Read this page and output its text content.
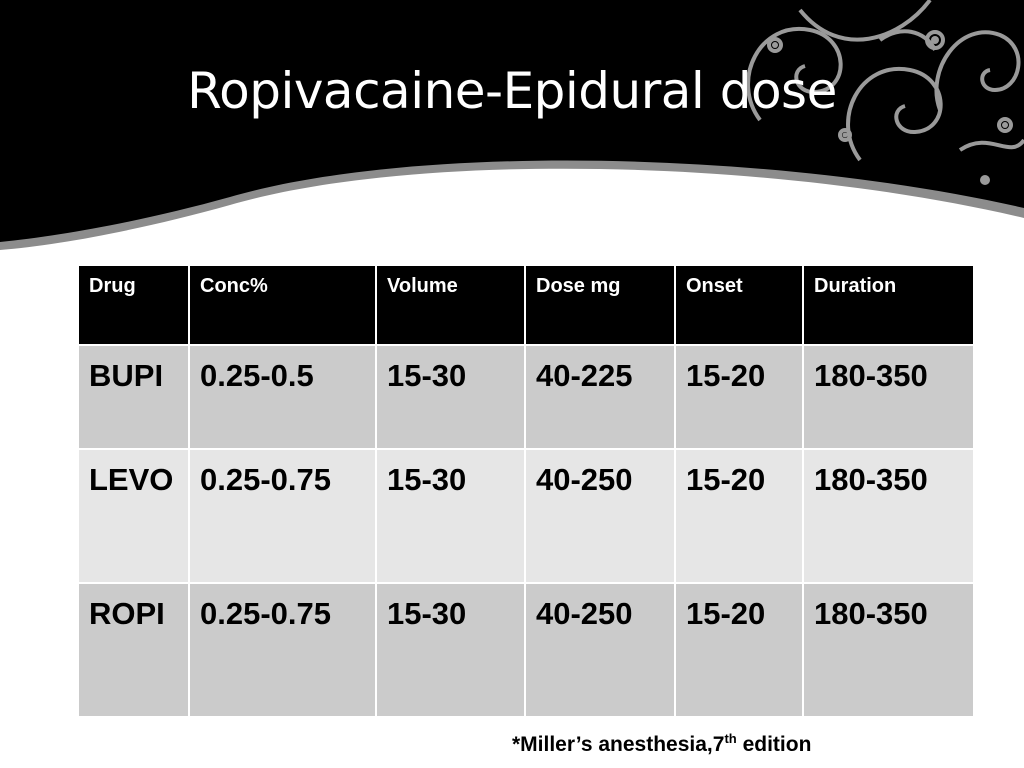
Ropivacaine-Epidural dose
Drug	Conc%	Volume	Dose mg	Onset	Duration
BUPI	0.25-0.5	15-30	40-225	15-20	180-350
LEVO	0.25-0.75	15-30	40-250	15-20	180-350
ROPI	0.25-0.75	15-30	40-250	15-20	180-350
*Miller’s anesthesia,7th edition
